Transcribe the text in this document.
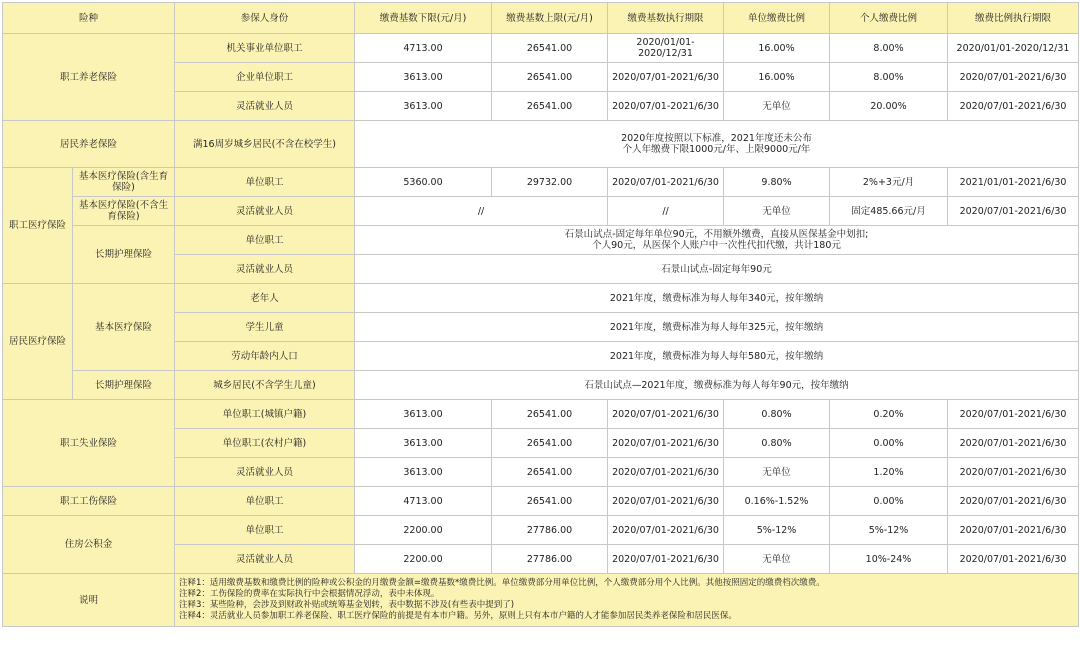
险种		参保人身份	缴费基数下限(元/月)	缴费基数上限(元/月)	缴费基数执行期限	单位缴费比例	个人缴费比例	缴费比例执行期限
职工养老保险		机关事业单位职工	4713.00	26541.00	2020/01/01-2020/12/31	16.00%	8.00%	2020/01/01-2020/12/31
		企业单位职工	3613.00	26541.00	2020/07/01-2021/6/30	16.00%	8.00%	2020/07/01-2021/6/30
		灵活就业人员	3613.00	26541.00	2020/07/01-2021/6/30	无单位	20.00%	2020/07/01-2021/6/30
居民养老保险		满16周岁城乡居民(不含在校学生)	2020年度按照以下标准，2021年度还未公布
个人年缴费下限1000元/年、上限9000元/年					

职工医疗保险	基本医疗保险(含生育保险)	单位职工	5360.00	29732.00	2020/07/01-2021/6/30	9.80%	2%+3元/月	2021/01/01-2021/6/30
	基本医疗保险(不含生育保险)	灵活就业人员	//		//	无单位	固定485.66元/月	2020/07/01-2021/6/30
	长期护理保险	单位职工	石景山试点-固定每年单位90元，不用额外缴费，直接从医保基金中划扣;
个人90元，从医保个人账户中一次性代扣代缴，共计180元					

		灵活就业人员	石景山试点-固定每年90元					
居民医疗保险	基本医疗保险	老年人	2021年度，缴费标准为每人每年340元，按年缴纳					
		学生儿童	2021年度，缴费标准为每人每年325元，按年缴纳					
		劳动年龄内人口	2021年度，缴费标准为每人每年580元，按年缴纳					
	长期护理保险	城乡居民(不含学生儿童)	石景山试点—2021年度，缴费标准为每人每年90元，按年缴纳					
职工失业保险		单位职工(城镇户籍)	3613.00	26541.00	2020/07/01-2021/6/30	0.80%	0.20%	2020/07/01-2021/6/30
		单位职工(农村户籍)	3613.00	26541.00	2020/07/01-2021/6/30	0.80%	0.00%	2020/07/01-2021/6/30
		灵活就业人员	3613.00	26541.00	2020/07/01-2021/6/30	无单位	1.20%	2020/07/01-2021/6/30
职工工伤保险		单位职工	4713.00	26541.00	2020/07/01-2021/6/30	0.16%-1.52%	0.00%	2020/07/01-2021/6/30
住房公积金		单位职工	2200.00	27786.00	2020/07/01-2021/6/30	5%-12%	5%-12%	2020/07/01-2021/6/30
		灵活就业人员	2200.00	27786.00	2020/07/01-2021/6/30	无单位	10%-24%	2020/07/01-2021/6/30
说明		注释1：适用缴费基数和缴费比例的险种或公积金的月缴费金额=缴费基数*缴费比例。单位缴费部分用单位比例，个人缴费部分用个人比例。其他按照固定的缴费档次缴费。
注释2：工伤保险的费率在实际执行中会根据情况浮动，表中未体现。
注释3：某些险种，会涉及到财政补贴或统筹基金划转，表中数据不涉及(有些表中提到了)
注释4：灵活就业人员参加职工养老保险、职工医疗保险的前提是有本市户籍。另外，原则上只有本市户籍的人才能参加居民类养老保险和居民医保。						
